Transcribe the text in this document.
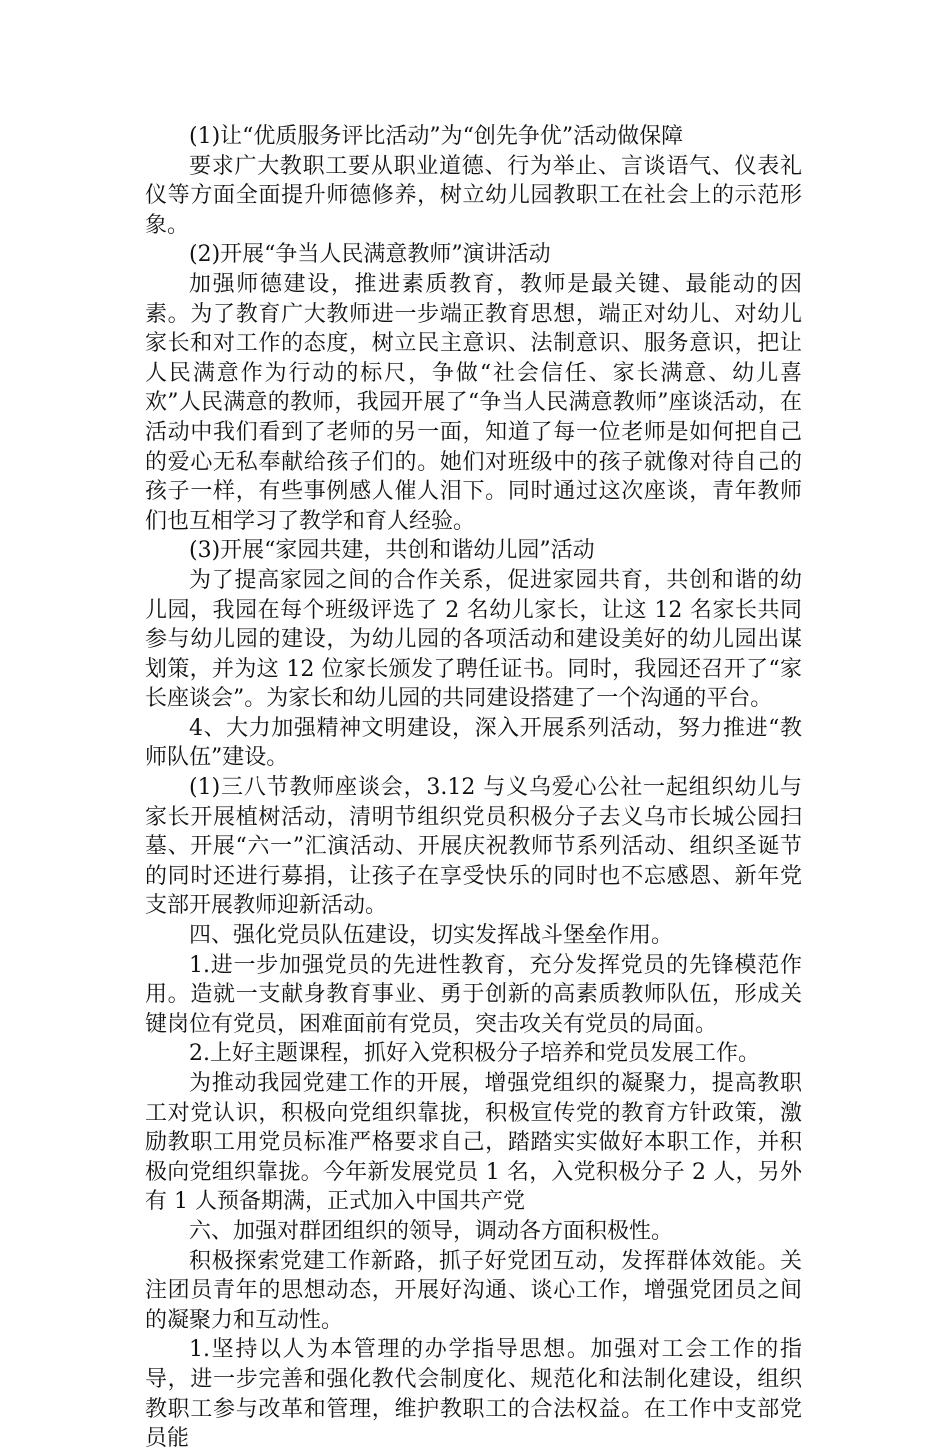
(1)让“优质服务评比活动”为“创先争优”活动做保障

要求广大教职工要从职业道德、行为举止、言谈语气、仪表礼仪等方面全面提升师德修养，树立幼儿园教职工在社会上的示范形象。

(2)开展“争当人民满意教师”演讲活动

加强师德建设，推进素质教育，教师是最关键、最能动的因素。为了教育广大教师进一步端正教育思想，端正对幼儿、对幼儿家长和对工作的态度，树立民主意识、法制意识、服务意识，把让人民满意作为行动的标尺，争做“社会信任、家长满意、幼儿喜欢”人民满意的教师，我园开展了“争当人民满意教师”座谈活动，在活动中我们看到了老师的另一面，知道了每一位老师是如何把自己的爱心无私奉献给孩子们的。她们对班级中的孩子就像对待自己的孩子一样，有些事例感人催人泪下。同时通过这次座谈，青年教师们也互相学习了教学和育人经验。

(3)开展“家园共建，共创和谐幼儿园”活动

为了提高家园之间的合作关系，促进家园共育，共创和谐的幼儿园，我园在每个班级评选了 2 名幼儿家长，让这 12 名家长共同参与幼儿园的建设，为幼儿园的各项活动和建设美好的幼儿园出谋划策，并为这 12 位家长颁发了聘任证书。同时，我园还召开了“家长座谈会”。为家长和幼儿园的共同建设搭建了一个沟通的平台。

4、大力加强精神文明建设，深入开展系列活动，努力推进“教师队伍”建设。

(1)三八节教师座谈会，3.12 与义乌爱心公社一起组织幼儿与家长开展植树活动，清明节组织党员积极分子去义乌市长城公园扫墓、开展“六一”汇演活动、开展庆祝教师节系列活动、组织圣诞节的同时还进行募捐，让孩子在享受快乐的同时也不忘感恩、新年党支部开展教师迎新活动。

四、强化党员队伍建设，切实发挥战斗堡垒作用。

1.进一步加强党员的先进性教育，充分发挥党员的先锋模范作用。造就一支献身教育事业、勇于创新的高素质教师队伍，形成关键岗位有党员，困难面前有党员，突击攻关有党员的局面。

2.上好主题课程，抓好入党积极分子培养和党员发展工作。

为推动我园党建工作的开展，增强党组织的凝聚力，提高教职工对党认识，积极向党组织靠拢，积极宣传党的教育方针政策，激励教职工用党员标准严格要求自己，踏踏实实做好本职工作，并积极向党组织靠拢。今年新发展党员 1 名，入党积极分子 2 人，另外有 1 人预备期满，正式加入中国共产党

六、加强对群团组织的领导，调动各方面积极性。

积极探索党建工作新路，抓子好党团互动，发挥群体效能。关注团员青年的思想动态，开展好沟通、谈心工作，增强党团员之间的凝聚力和互动性。

1.坚持以人为本管理的办学指导思想。加强对工会工作的指导，进一步完善和强化教代会制度化、规范化和法制化建设，组织教职工参与改革和管理，维护教职工的合法权益。在工作中支部党员能
